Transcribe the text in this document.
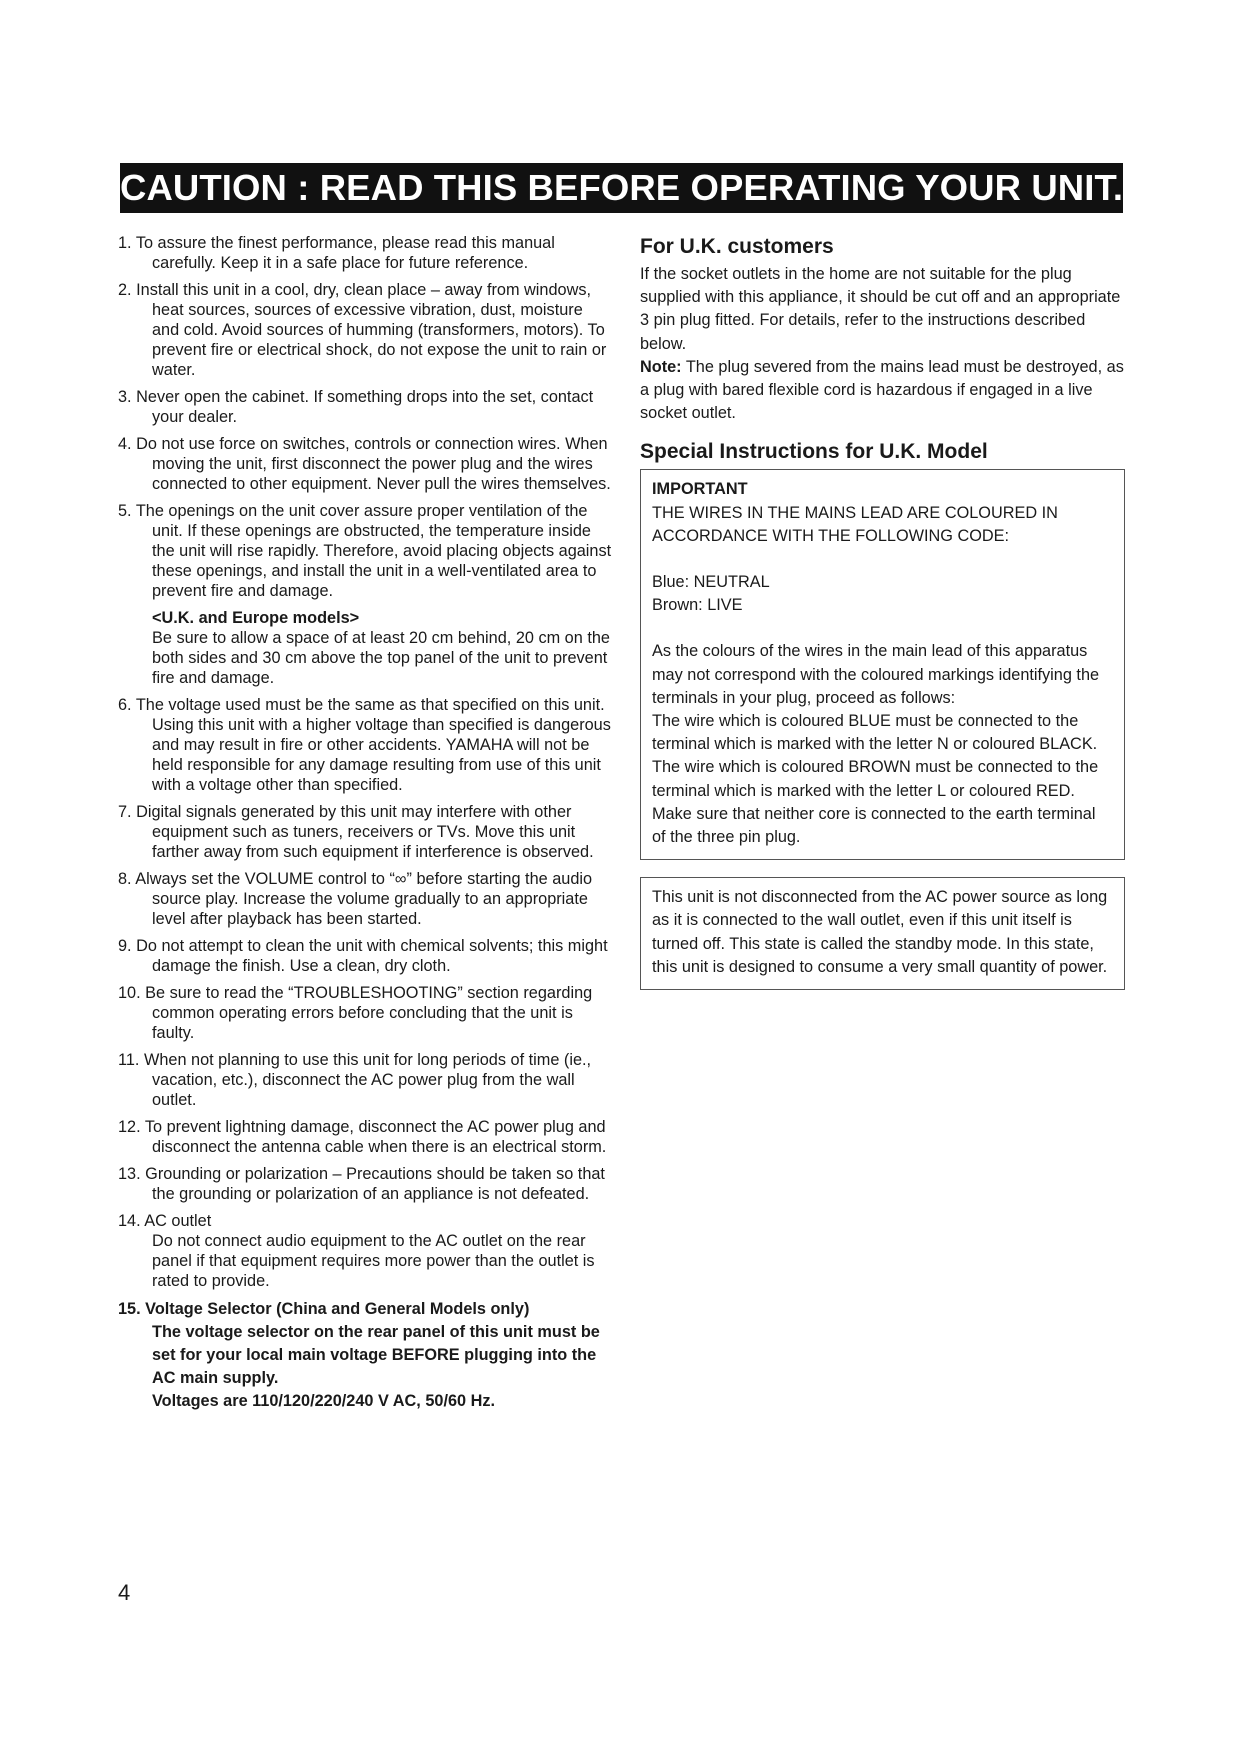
CAUTION : READ THIS BEFORE OPERATING YOUR UNIT.
1. To assure the finest performance, please read this manual carefully. Keep it in a safe place for future reference.
2. Install this unit in a cool, dry, clean place – away from windows, heat sources, sources of excessive vibration, dust, moisture and cold. Avoid sources of humming (transformers, motors). To prevent fire or electrical shock, do not expose the unit to rain or water.
3. Never open the cabinet. If something drops into the set, contact your dealer.
4. Do not use force on switches, controls or connection wires. When moving the unit, first disconnect the power plug and the wires connected to other equipment. Never pull the wires themselves.
5. The openings on the unit cover assure proper ventilation of the unit. If these openings are obstructed, the temperature inside the unit will rise rapidly. Therefore, avoid placing objects against these openings, and install the unit in a well-ventilated area to prevent fire and damage.
<U.K. and Europe models>
Be sure to allow a space of at least 20 cm behind, 20 cm on the both sides and 30 cm above the top panel of the unit to prevent fire and damage.
6. The voltage used must be the same as that specified on this unit. Using this unit with a higher voltage than specified is dangerous and may result in fire or other accidents. YAMAHA will not be held responsible for any damage resulting from use of this unit with a voltage other than specified.
7. Digital signals generated by this unit may interfere with other equipment such as tuners, receivers or TVs. Move this unit farther away from such equipment if interference is observed.
8. Always set the VOLUME control to “∞” before starting the audio source play. Increase the volume gradually to an appropriate level after playback has been started.
9. Do not attempt to clean the unit with chemical solvents; this might damage the finish. Use a clean, dry cloth.
10. Be sure to read the “TROUBLESHOOTING” section regarding common operating errors before concluding that the unit is faulty.
11. When not planning to use this unit for long periods of time (ie., vacation, etc.), disconnect the AC power plug from the wall outlet.
12. To prevent lightning damage, disconnect the AC power plug and disconnect the antenna cable when there is an electrical storm.
13. Grounding or polarization – Precautions should be taken so that the grounding or polarization of an appliance is not defeated.
14. AC outlet
Do not connect audio equipment to the AC outlet on the rear panel if that equipment requires more power than the outlet is rated to provide.
15. Voltage Selector (China and General Models only)
The voltage selector on the rear panel of this unit must be set for your local main voltage BEFORE plugging into the AC main supply.
Voltages are 110/120/220/240 V AC, 50/60 Hz.
For U.K. customers

If the socket outlets in the home are not suitable for the plug supplied with this appliance, it should be cut off and an appropriate 3 pin plug fitted. For details, refer to the instructions described below.

Note: The plug severed from the mains lead must be destroyed, as a plug with bared flexible cord is hazardous if engaged in a live socket outlet.

Special Instructions for U.K. Model
IMPORTANT
THE WIRES IN THE MAINS LEAD ARE COLOURED IN ACCORDANCE WITH THE FOLLOWING CODE:
Blue: NEUTRAL
Brown: LIVE
As the colours of the wires in the main lead of this apparatus may not correspond with the coloured markings identifying the terminals in your plug, proceed as follows:
The wire which is coloured BLUE must be connected to the terminal which is marked with the letter N or coloured BLACK. The wire which is coloured BROWN must be connected to the terminal which is marked with the letter L or coloured RED. Make sure that neither core is connected to the earth terminal of the three pin plug.
This unit is not disconnected from the AC power source as long as it is connected to the wall outlet, even if this unit itself is turned off. This state is called the standby mode. In this state, this unit is designed to consume a very small quantity of power.
4
